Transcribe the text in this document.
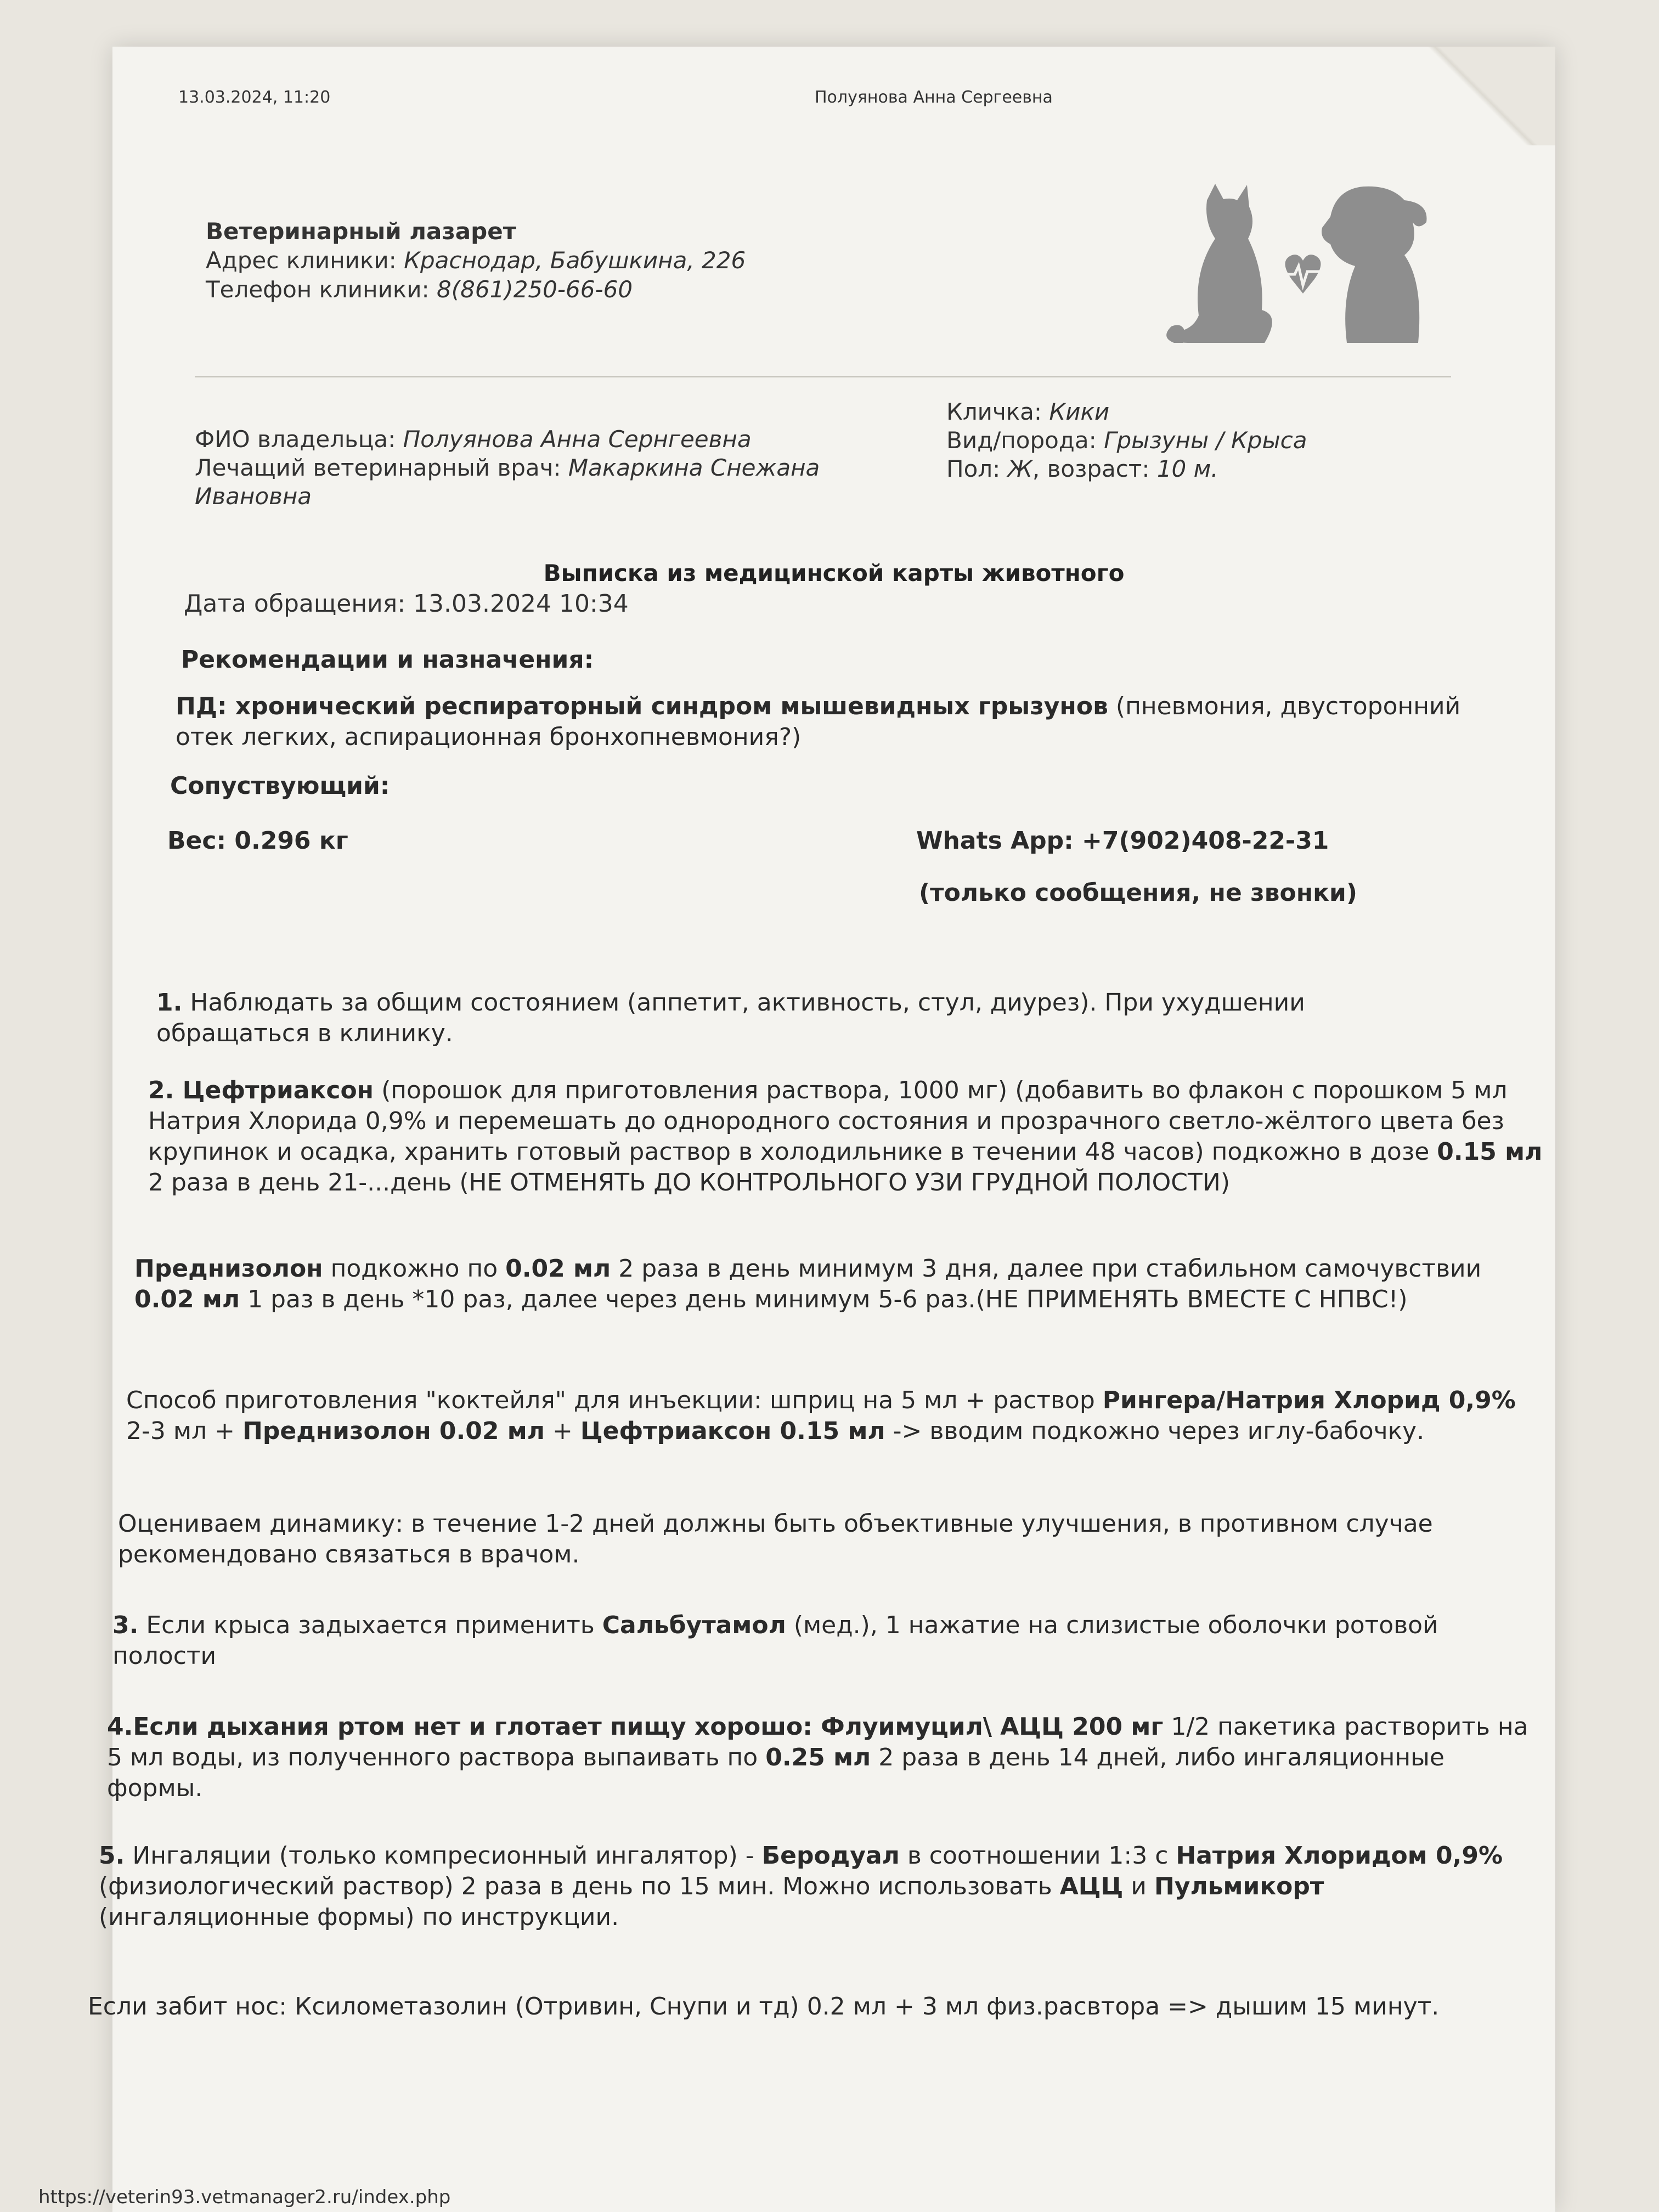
13.03.2024, 11:20	Полуянова Анна Сергеевна
Ветеринарный лазарет
Адрес клиники: Краснодар, Бабушкина, 226
Телефон клиники: 8(861)250-66-60
ФИО владельца: Полуянова Анна Сернгеевна
Лечащий ветеринарный врач: Макаркина Снежана Ивановна
Кличка: Кики
Вид/порода: Грызуны / Крыса
Пол: Ж, возраст: 10 м.
Выписка из медицинской карты животного
Дата обращения: 13.03.2024 10:34
Рекомендации и назначения:
ПД: хронический респираторный синдром мышевидных грызунов (пневмония, двусторонний отек легких, аспирационная бронхопневмония?)
Сопуствующий:
Вес: 0.296 кг	Whats App: +7(902)408-22-31
(только сообщения, не звонки)
1. Наблюдать за общим состоянием (аппетит, активность, стул, диурез). При ухудшении обращаться в клинику.
2. Цефтриаксон (порошок для приготовления раствора, 1000 мг) (добавить во флакон с порошком 5 мл Натрия Хлорида 0,9% и перемешать до однородного состояния и прозрачного светло-жёлтого цвета без крупинок и осадка, хранить готовый раствор в холодильнике в течении 48 часов) подкожно в дозе 0.15 мл 2 раза в день 21-...день (НЕ ОТМЕНЯТЬ ДО КОНТРОЛЬНОГО УЗИ ГРУДНОЙ ПОЛОСТИ)
Преднизолон подкожно по 0.02 мл 2 раза в день минимум 3 дня, далее при стабильном самочувствии 0.02 мл 1 раз в день *10 раз, далее через день минимум 5-6 раз.(НЕ ПРИМЕНЯТЬ ВМЕСТЕ С НПВС!)
Способ приготовления "коктейля" для инъекции: шприц на 5 мл + раствор Рингера/Натрия Хлорид 0,9% 2-3 мл + Преднизолон 0.02 мл + Цефтриаксон 0.15 мл -> вводим подкожно через иглу-бабочку.
Оцениваем динамику: в течение 1-2 дней должны быть объективные улучшения, в противном случае рекомендовано связаться в врачом.
3. Если крыса задыхается применить Сальбутамол (мед.), 1 нажатие на слизистые оболочки ротовой полости
4.Если дыхания ртом нет и глотает пищу хорошо: Флуимуцил\ АЦЦ 200 мг 1/2 пакетика растворить на 5 мл воды, из полученного раствора выпаивать по 0.25 мл 2 раза в день 14 дней, либо ингаляционные формы.
5. Ингаляции (только компресионный ингалятор) - Беродуал в соотношении 1:3 с Натрия Хлоридом 0,9% (физиологический раствор) 2 раза в день по 15 мин. Можно использовать АЦЦ и Пульмикорт (ингаляционные формы) по инструкции.
Если забит нос: Ксилометазолин (Отривин, Снупи и тд) 0.2 мл + 3 мл физ.расвтора => дышим 15 минут.
https://veterin93.vetmanager2.ru/index.php
